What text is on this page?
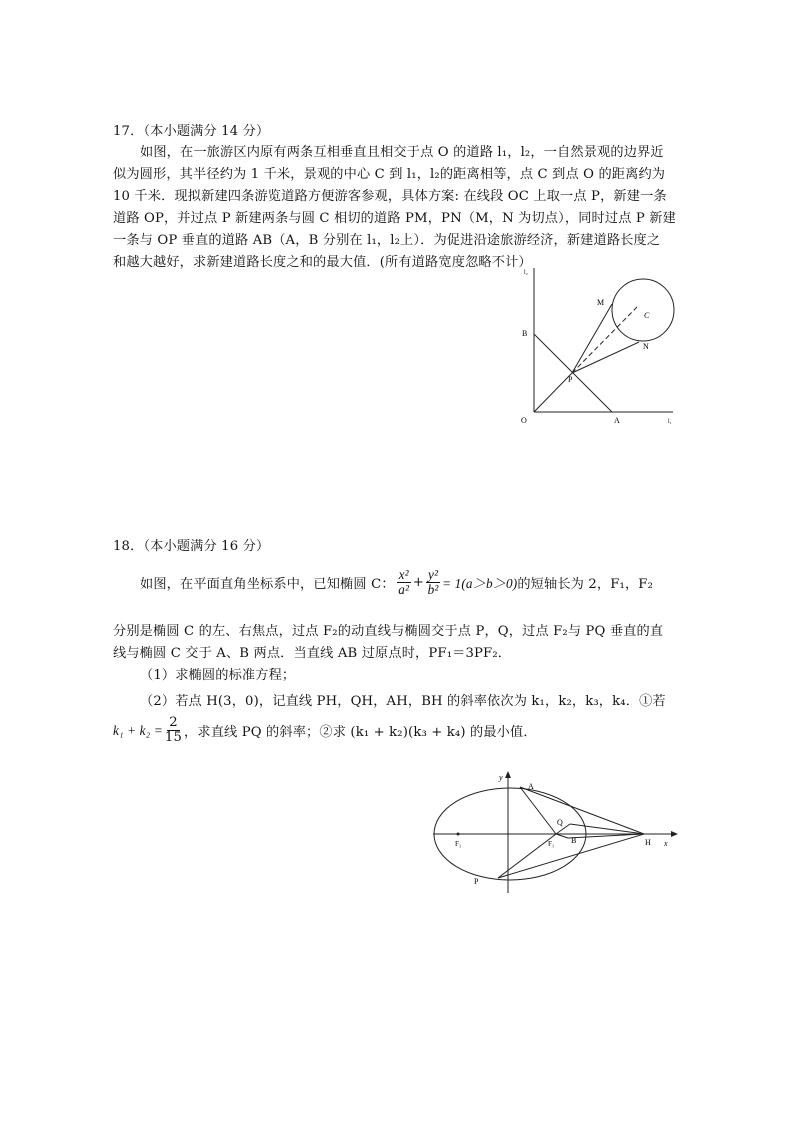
17．（本小题满分 14 分）
如图，在一旅游区内原有两条互相垂直且相交于点 O 的道路 l₁，l₂，一自然景观的边界近
似为圆形，其半径约为 1 千米，景观的中心 C 到 l₁，l₂的距离相等，点 C 到点 O 的距离约为
10 千米．现拟新建四条游览道路方便游客参观，具体方案: 在线段 OC 上取一点 P，新建一条
道路 OP，并过点 P 新建两条与圆 C 相切的道路 PM，PN（M，N 为切点），同时过点 P 新建
一条与 OP 垂直的道路 AB（A，B 分别在 l₁，l₂上）．为促进沿途旅游经济，新建道路长度之
和越大越好，求新建道路长度之和的最大值．(所有道路宽度忽略不计）
l₂
l₁
O	A
B
P
M
N
C
18．（本小题满分 16 分）
如图，在平面直角坐标系中，已知椭圆 C： $\frac{\text{x²}}{\text{a²}} + \frac{\text{y²}}{\text{b²}} = 1(a>b>0)$ 的短轴长为 2，F₁，F₂
分别是椭圆 C 的左、右焦点，过点 F₂的动直线与椭圆交于点 P，Q，过点 F₂与 PQ 垂直的直
线与椭圆 C 交于 A、B 两点．当直线 AB 过原点时，PF₁＝3PF₂．
（1）求椭圆的标准方程；
（2）若点 H(3，0)，记直线 PH，QH，AH，BH 的斜率依次为 k₁，k₂，k₃，k₄．①若
$k_1 + k_2 = \frac{2}{15}$ ，求直线 PQ 的斜率；②求 (k₁ + k₂)(k₃ + k₄) 的最小值．
y
x
A
Q
F₁	F₁ B	H
P
